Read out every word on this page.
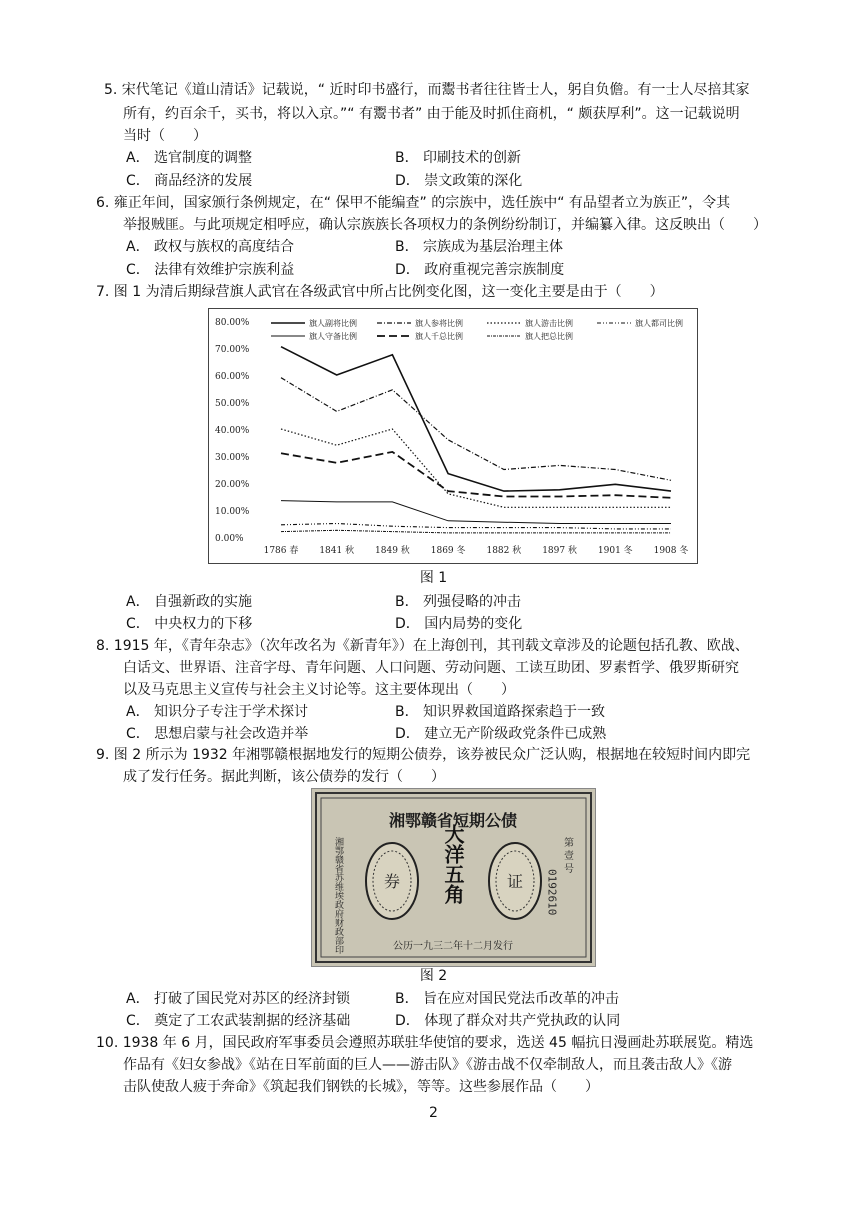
5. 宋代笔记《道山清话》记载说，“ 近时印书盛行，而鬻书者往往皆士人，躬自负儋。有一士人尽掊其家
所有，约百余千，买书，将以入京。”“ 有鬻书者” 由于能及时抓住商机，“ 颇获厚利”。这一记载说明
当时（　　）
A． 选官制度的调整	B． 印刷技术的创新
C． 商品经济的发展	D． 崇文政策的深化
6. 雍正年间，国家颁行条例规定，在“ 保甲不能编查” 的宗族中，选任族中“ 有品望者立为族正”，令其
举报贼匪。与此项规定相呼应，确认宗族族长各项权力的条例纷纷制订，并编纂入律。这反映出（　　）
A． 政权与族权的高度结合	B． 宗族成为基层治理主体
C． 法律有效维护宗族利益	D． 政府重视完善宗族制度
7. 图 1 为清后期绿营旗人武官在各级武官中所占比例变化图，这一变化主要是由于（　　）
80.00%
70.00%
60.00%
50.00%
40.00%
30.00%
20.00%
10.00%
0.00%
1786 春 1841 秋 1849 秋 1869 冬 1882 秋 1897 秋 1901 冬 1908 冬
旗人副将比例	旗人参将比例	旗人游击比例	旗人都司比例
旗人守备比例	旗人千总比例	旗人把总比例
图 1
A． 自强新政的实施	B． 列强侵略的冲击
C． 中央权力的下移	D． 国内局势的变化
8. 1915 年，《青年杂志》（次年改名为《新青年》）在上海创刊，其刊载文章涉及的论题包括孔教、欧战、
白话文、世界语、注音字母、青年问题、人口问题、劳动问题、工读互助团、罗素哲学、俄罗斯研究
以及马克思主义宣传与社会主义讨论等。这主要体现出（　　）
A． 知识分子专注于学术探讨	B． 知识界救国道路探索趋于一致
C． 思想启蒙与社会改造并举	D． 建立无产阶级政党条件已成熟
9. 图 2 所示为 1932 年湘鄂赣根据地发行的短期公债券，该券被民众广泛认购，根据地在较短时间内即完
成了发行任务。据此判断，该公债券的发行（　　）
湘鄂赣省短期公债
券	证
大洋五角
湘鄂赣省苏维埃政府财政部印	第 壹 号
0192610
公历一九三二年十二月发行
图 2
A． 打破了国民党对苏区的经济封锁	B． 旨在应对国民党法币改革的冲击
C． 奠定了工农武装割据的经济基础	D． 体现了群众对共产党执政的认同
10. 1938 年 6 月，国民政府军事委员会遵照苏联驻华使馆的要求，选送 45 幅抗日漫画赴苏联展览。精选
作品有《妇女参战》《站在日军前面的巨人——游击队》《游击战不仅牵制敌人，而且袭击敌人》《游
击队使敌人疲于奔命》《筑起我们钢铁的长城》，等等。这些参展作品（　　）
2
